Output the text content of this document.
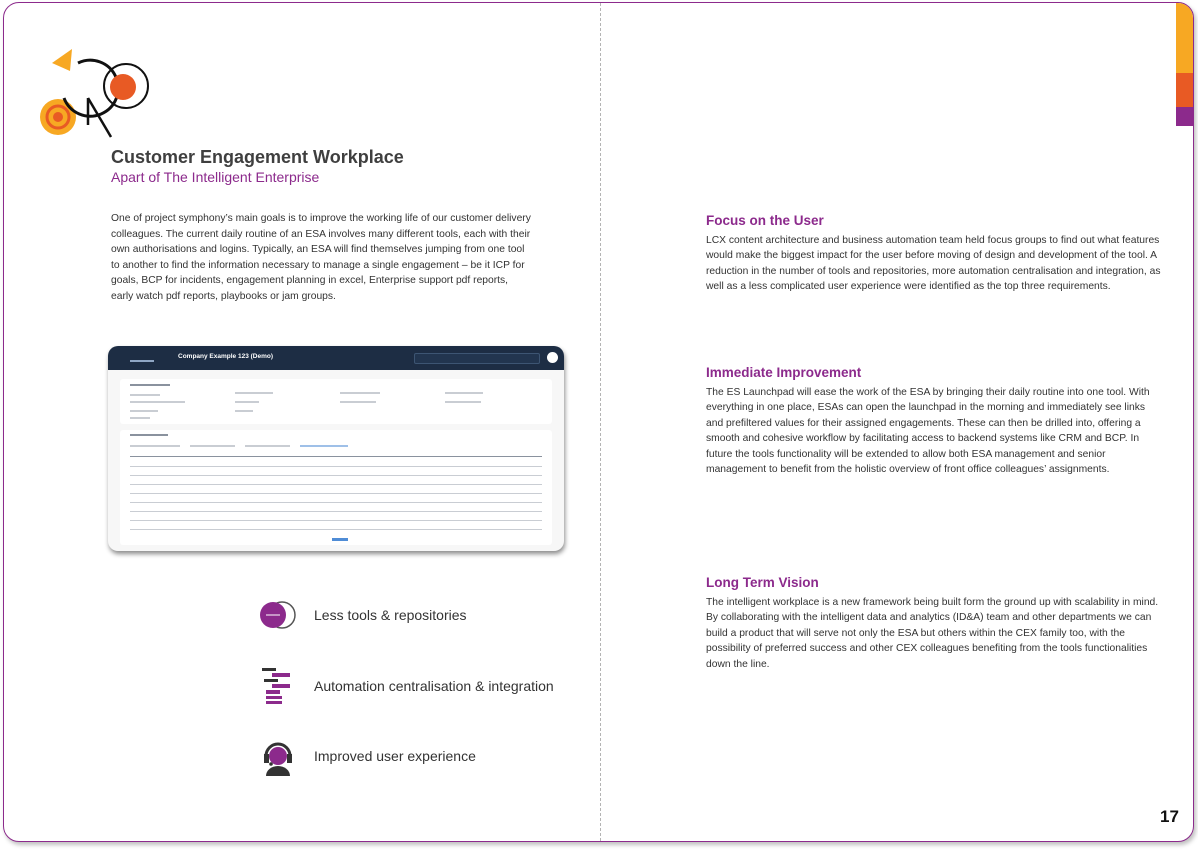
Customer Engagement Workplace
Apart of The Intelligent Enterprise

One of project symphony’s main goals is to improve the working life of our customer delivery colleagues. The current daily routine of an ESA involves many different tools, each with their own authorisations and logins. Typically, an ESA will find themselves jumping from one tool to another to find the information necessary to manage a single engagement – be it ICP for goals, BCP for incidents, engagement planning in excel, Enterprise support pdf reports, early watch pdf reports, playbooks or jam groups.

Company Example 123 (Demo)
Less tools & repositories
Automation centralisation & integration
Improved user experience
Focus on the User

LCX content architecture and business automation team held focus groups to find out what features would make the biggest impact for the user before moving of design and development of the tool. A reduction in the number of tools and repositories, more automation centralisation and integration, as well as a less complicated user experience were identified as the top three requirements.

Immediate Improvement

The ES Launchpad will ease the work of the ESA by bringing their daily routine into one tool. With everything in one place, ESAs can open the launchpad in the morning and immediately see links and prefiltered values for their assigned engagements. These can then be drilled into, offering a smooth and cohesive workflow by facilitating access to backend systems like CRM and BCP. In future the tools functionality will be extended to allow both ESA management and senior management to benefit from the holistic overview of front office colleagues’ assignments.

Long Term Vision

The intelligent workplace is a new framework being built form the ground up with scalability in mind. By collaborating with the intelligent data and analytics (ID&A) team and other departments we can build a product that will serve not only the ESA but others within the CEX family too, with the possibility of preferred success and other CEX colleagues benefiting from the tools functionalities down the line.

17
